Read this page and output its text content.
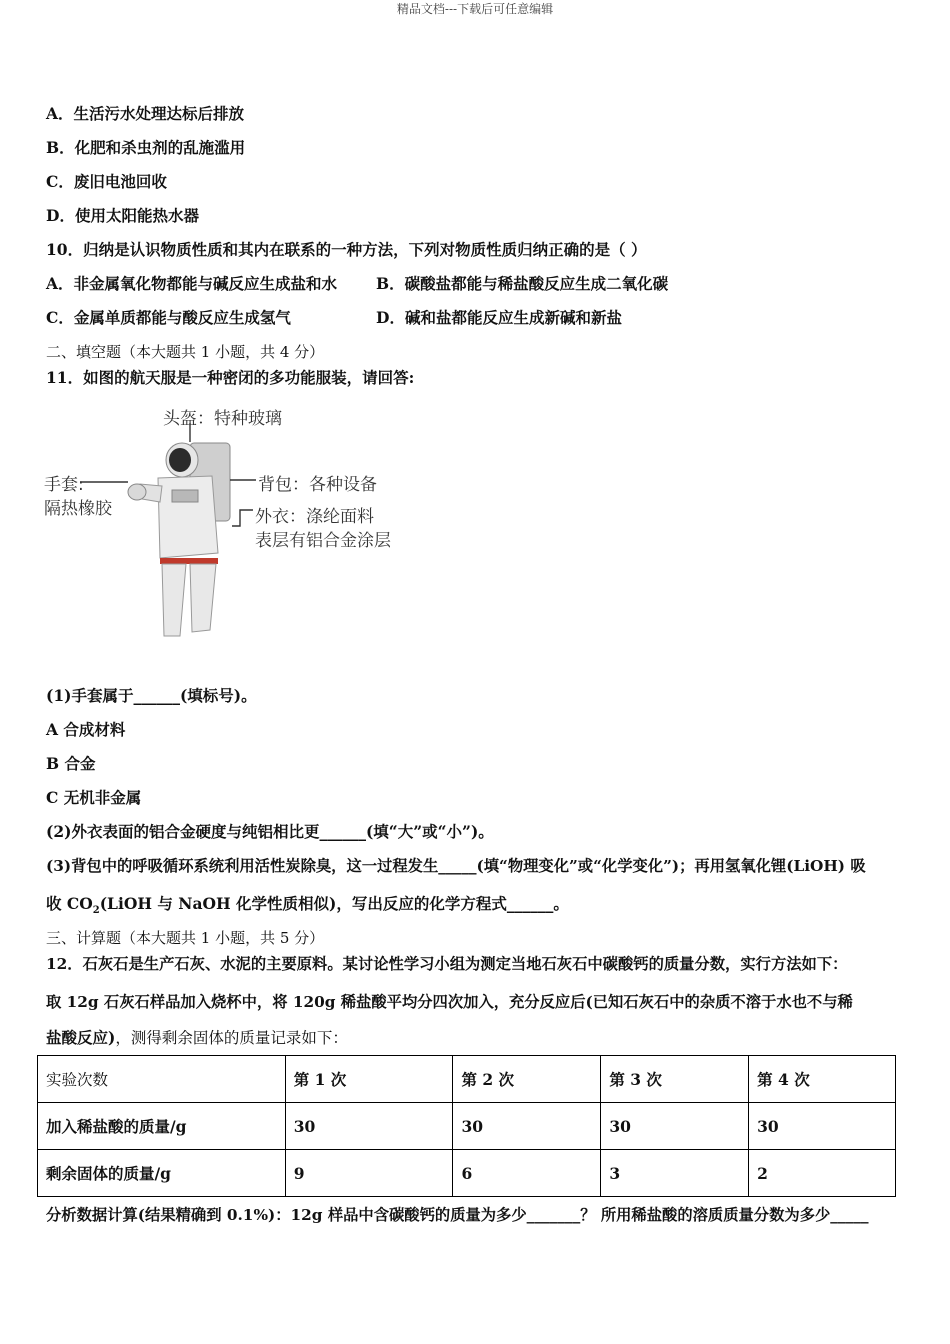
精品文档---下载后可任意编辑
A．生活污水处理达标后排放
B．化肥和杀虫剂的乱施滥用
C．废旧电池回收
D．使用太阳能热水器
10．归纳是认识物质性质和其内在联系的一种方法，下列对物质性质归纳正确的是（ ）
A．非金属氧化物都能与碱反应生成盐和水	B．碳酸盐都能与稀盐酸反应生成二氧化碳
C．金属单质都能与酸反应生成氢气	D．碱和盐都能反应生成新碱和新盐
二、填空题（本大题共 1 小题，共 4 分）
11．如图的航天服是一种密闭的多功能服装，请回答:
头盔：特种玻璃
手套:
隔热橡胶
背包：各种设备
外衣：涤纶面料
表层有铝合金涂层
(1)手套属于______(填标号)。
A 合成材料
B 合金
C 无机非金属
(2)外衣表面的铝合金硬度与纯铝相比更______(填“大”或“小”)。
(3)背包中的呼吸循环系统利用活性炭除臭，这一过程发生_____(填“物理变化”或“化学变化”)；再用氢氧化锂(LiOH) 吸
收 $CO_2(LiOH$ 与 NaOH 化学性质相似)，写出反应的化学方程式______。
三、计算题（本大题共 1 小题，共 5 分）
12．石灰石是生产石灰、水泥的主要原料。某讨论性学习小组为测定当地石灰石中碳酸钙的质量分数，实行方法如下：
取 12g 石灰石样品加入烧杯中，将 120g 稀盐酸平均分四次加入，充分反应后(已知石灰石中的杂质不溶于水也不与稀
盐酸反应)，测得剩余固体的质量记录如下：
实验次数	第 1 次	第 2 次	第 3 次	第 4 次
加入稀盐酸的质量/g	30	30	30	30
剩余固体的质量/g	9	6	3	2
分析数据计算(结果精确到 0.1%)：12g 样品中含碳酸钙的质量为多少_______？ 所用稀盐酸的溶质质量分数为多少_____
